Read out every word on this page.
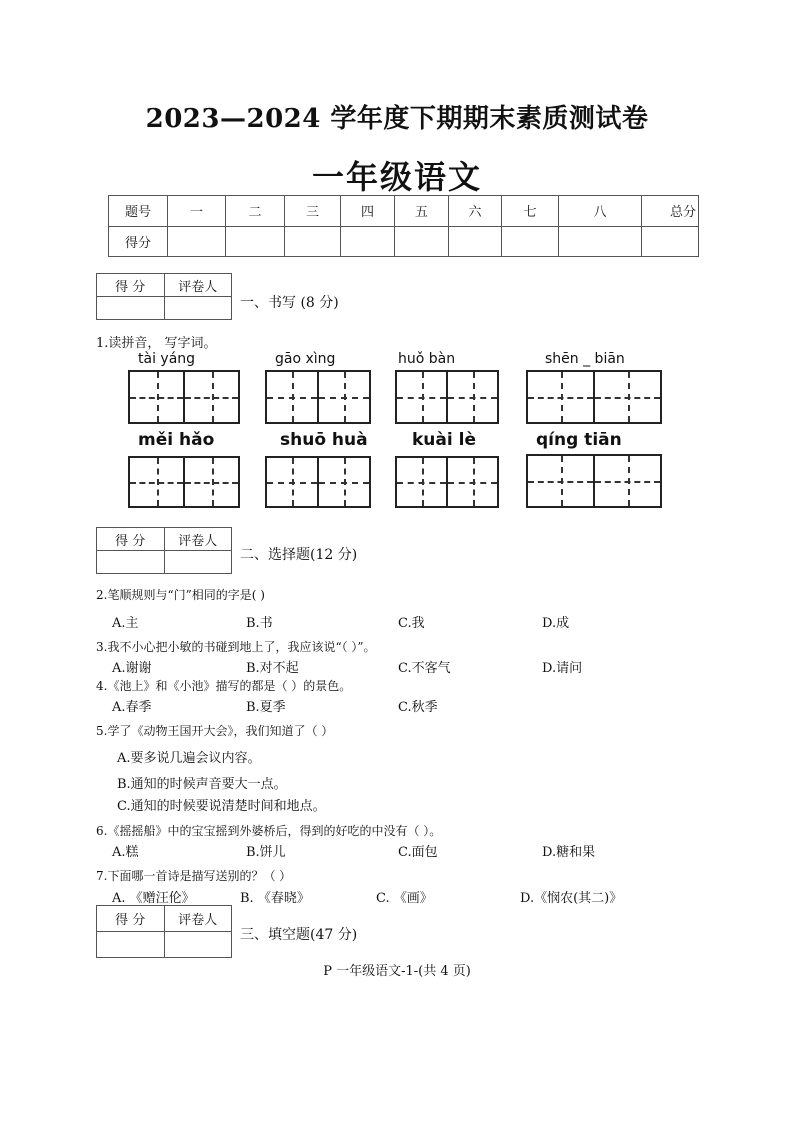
2023—2024 学年度下期期末素质测试卷
一年级语文
题号	一	二	三	四	五	六	七	八	总分
得分									
得 分	评卷人

一、书写 (8 分)
1.读拼音， 写字词。
tài yáng	gāo xìng	huǒ bàn	shēn _ biān
měi hǎo	shuō huà	kuài lè	qíng tiān
得 分	评卷人

二、选择题(12 分)
2.笔顺规则与“门”相同的字是( )
A.主	B.书	C.我	D.成
3.我不小心把小敏的书碰到地上了，我应该说“（ ）”。
A.谢谢	B.对不起	C.不客气	D.请问
4.《池上》和《小池》描写的都是（ ）的景色。
A.春季	B.夏季	C.秋季
5.学了《动物王国开大会》，我们知道了（ ）
A.要多说几遍会议内容。
B.通知的时候声音要大一点。
C.通知的时候要说清楚时间和地点。
6.《摇摇船》中的宝宝摇到外婆桥后，得到的好吃的中没有（ ）。
A.糕	B.饼儿	C.面包	D.糖和果
7.下面哪一首诗是描写送别的？（ ）
A. 《赠汪伦》	B. 《春晓》	C. 《画》	D.《悯农(其二)》
得 分	评卷人

三、填空题(47 分)
P 一年级语文-1-(共 4 页)
